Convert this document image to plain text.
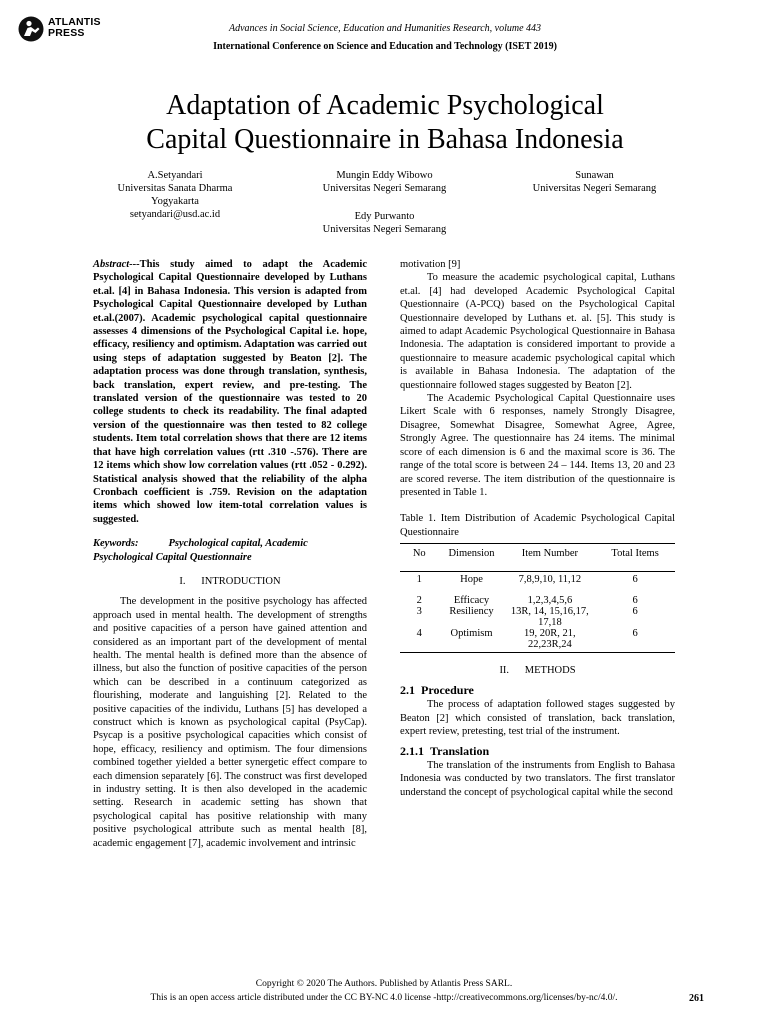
ATLANTIS
PRESS	Advances in Social Science, Education and Humanities Research, volume 443
International Conference on Science and Education and Technology (ISET 2019)
Adaptation of Academic Psychological
Capital Questionnaire in Bahasa Indonesia
A.Setyandari
Universitas Sanata Dharma
Yogyakarta
setyandari@usd.ac.id
Mungin Eddy Wibowo
Universitas Negeri Semarang
Sunawan
Universitas Negeri Semarang
Edy Purwanto
Universitas Negeri Semarang

Abstract---This study aimed to adapt the Academic Psychological Capital Questionnaire developed by Luthans et.al. [4] in Bahasa Indonesia. This version is adapted from Psychological Capital Questionnaire developed by Luthan et.al.(2007). Academic psychological capital questionnaire assesses 4 dimensions of the Psychological Capital i.e. hope, efficacy, resiliency and optimism. Adaptation was carried out using steps of adaptation suggested by Beaton [2]. The adaptation process was done through translation, synthesis, back translation, expert review, and pre-testing. The translated version of the questionnaire was tested to 20 college students to check its readability. The final adapted version of the questionnaire was then tested to 82 college students. Item total correlation shows that there are 12 items that have high correlation values (rtt .310 -.576). There are 12 items which show low correlation values (rtt .052 - 0.292). Statistical analysis showed that the reliability of the alpha Cronbach coefficient is .759. Revision on the adaptation items which showed low item-total correlation values is suggested.

Keywords:	Psychological capital, Academic Psychological Capital Questionnaire

I.      INTRODUCTION

The development in the positive psychology has affected approach used in mental health. The development of strengths and positive capacities of a person have gained attention and considered as an important part of the development of mental health. The mental health is defined more than the absence of illness, but also the function of positive capacities of the person which can be described in a continuum categorized as flourishing, moderate and languishing [2]. Related to the positive capacities of the individu, Luthans [5] has developed a construct which is known as psychological capital (PsyCap). Psycap is a positive psychological capacities which consist of hope, efficacy, resiliency and optimism. The four dimensions combined together yielded a better synergetic effect compare to each dimension separately [6]. The construct was first developed in industry setting. It is then also developed in the academic setting. Research in academic setting has shown that psychological capital has positive relationship with many positive psychological attribute such as mental health [8], academic engagement [7], academic involvement and intrinsic

motivation [9]

To measure the academic psychological capital, Luthans et.al. [4] had developed Academic Psychological Capital Questionnaire (A-PCQ) based on the Psychological Capital Questionnaire developed by Luthans et. al. [5]. This study is aimed to adapt Academic Psychological Questionnaire in Bahasa Indonesia. The adaptation is considered important to provide a questionnaire to measure academic psychological capital which is available in Bahasa Indonesia. The adaptation of the questionnaire followed stages suggested by Beaton [2].

The Academic Psychological Capital Questionnaire uses Likert Scale with 6 responses, namely Strongly Disagree, Disagree, Somewhat Disagree, Somewhat Agree, Agree, Strongly Agree. The questionnaire has 24 items. The minimal score of each dimension is 6 and the maximal score is 36. The range of the total score is between 24 – 144. Items 13, 20 and 23 are scored reverse. The item distribution of the questionnaire is presented in Table 1.

Table 1. Item Distribution of Academic Psychological Capital Questionnaire

No	Dimension	Item Number	Total Items
1	Hope	7,8,9,10, 11,12	6
2	Efficacy	1,2,3,4,5,6	6
3	Resiliency	13R, 14, 15,16,17, 17,18	6
4	Optimism	19, 20R, 21, 22,23R,24	6

II.      METHODS

2.1  Procedure

The process of adaptation followed stages suggested by Beaton [2] which consisted of translation, back translation, expert review, pretesting, test trial of the instrument.

2.1.1  Translation

The translation of the instruments from English to Bahasa Indonesia was conducted by two translators. The first translator understand the concept of psychological capital while the second

Copyright © 2020 The Authors. Published by Atlantis Press SARL.
This is an open access article distributed under the CC BY-NC 4.0 license -http://creativecommons.org/licenses/by-nc/4.0/.	261
